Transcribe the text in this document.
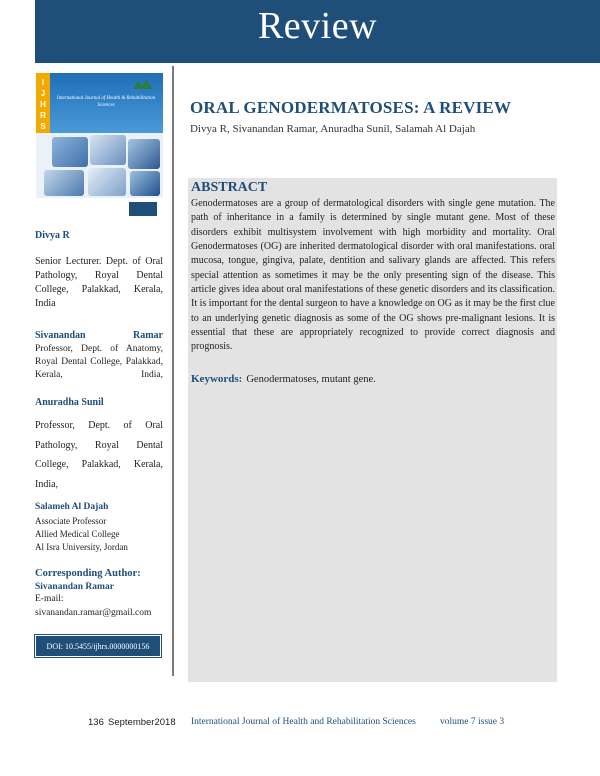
Review
I
J
H
R
S
International Journal of Health & Rehabilitation Sciences
Divya R
Senior Lecturer. Dept. of Oral Pathology, Royal Dental College, Palakkad, Kerala, India
Sivanandan Ramar
Professor, Dept. of Anatomy, Royal Dental College, Palakkad, Kerala, India,
Anuradha Sunil
Professor, Dept. of Oral Pathology, Royal Dental College, Palakkad, Kerala, India,
Salameh Al Dajah
Associate Professor
Allied Medical College
Al Isra University, Jordan
Corresponding Author:
Sivanandan Ramar
E-mail:
sivanandan.ramar@gmail.com
DOI: 10.5455/ijhrs.0000000156
ORAL GENODERMATOSES: A REVIEW
Divya R, Sivanandan Ramar, Anuradha Sunil, Salamah Al Dajah
ABSTRACT
Genodermatoses are a group of dermatological disorders with single gene mutation. The path of inheritance in a family is determined by single mutant gene. Most of these disorders exhibit multisystem involvement with high morbidity and mortality. Oral Genodermatoses (OG) are inherited dermatological disorder with oral manifestations. oral mucosa, tongue, gingiva, palate, dentition and salivary glands are affected. This refers special attention as sometimes it may be the only presenting sign of the disease. This article gives idea about oral manifestations of these genetic disorders and its classification. It is important for the dental surgeon to have a knowledge on OG as it may be the first clue to an underlying genetic diagnosis as some of the OG shows pre-malignant lesions. It is essential that these are appropriately recognized to provide correct diagnosis and prognosis.
Keywords: Genodermatoses, mutant gene.
136 September2018 International Journal of Health and Rehabilitation Sciences	volume 7 issue 3
